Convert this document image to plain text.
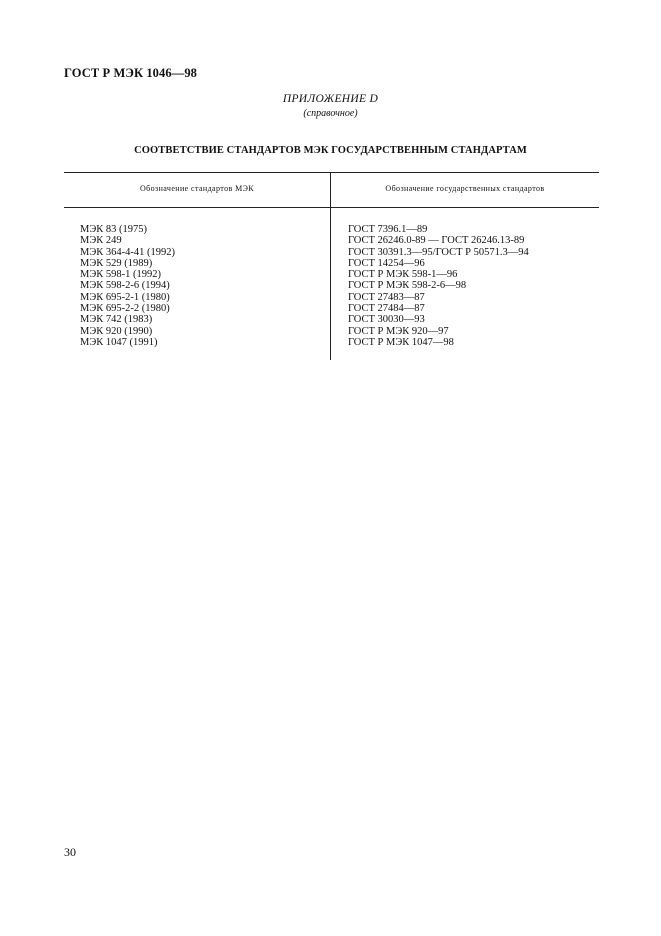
ГОСТ Р МЭК 1046—98
ПРИЛОЖЕНИЕ D
(справочное)
СООТВЕТСТВИЕ СТАНДАРТОВ МЭК ГОСУДАРСТВЕННЫМ СТАНДАРТАМ
Обозначение стандартов МЭК	Обозначение государственных стандартов
МЭК 83 (1975)
МЭК 249
МЭК 364-4-41 (1992)
МЭК 529 (1989)
МЭК 598-1 (1992)
МЭК 598-2-6 (1994)
МЭК 695-2-1 (1980)
МЭК 695-2-2 (1980)
МЭК 742 (1983)
МЭК 920 (1990)
МЭК 1047 (1991)
ГОСТ 7396.1—89
ГОСТ 26246.0-89 — ГОСТ 26246.13-89
ГОСТ 30391.3—95/ГОСТ Р 50571.3—94
ГОСТ 14254—96
ГОСТ Р МЭК 598-1—96
ГОСТ Р МЭК 598-2-6—98
ГОСТ 27483—87
ГОСТ 27484—87
ГОСТ 30030—93
ГОСТ Р МЭК 920—97
ГОСТ Р МЭК 1047—98
30
